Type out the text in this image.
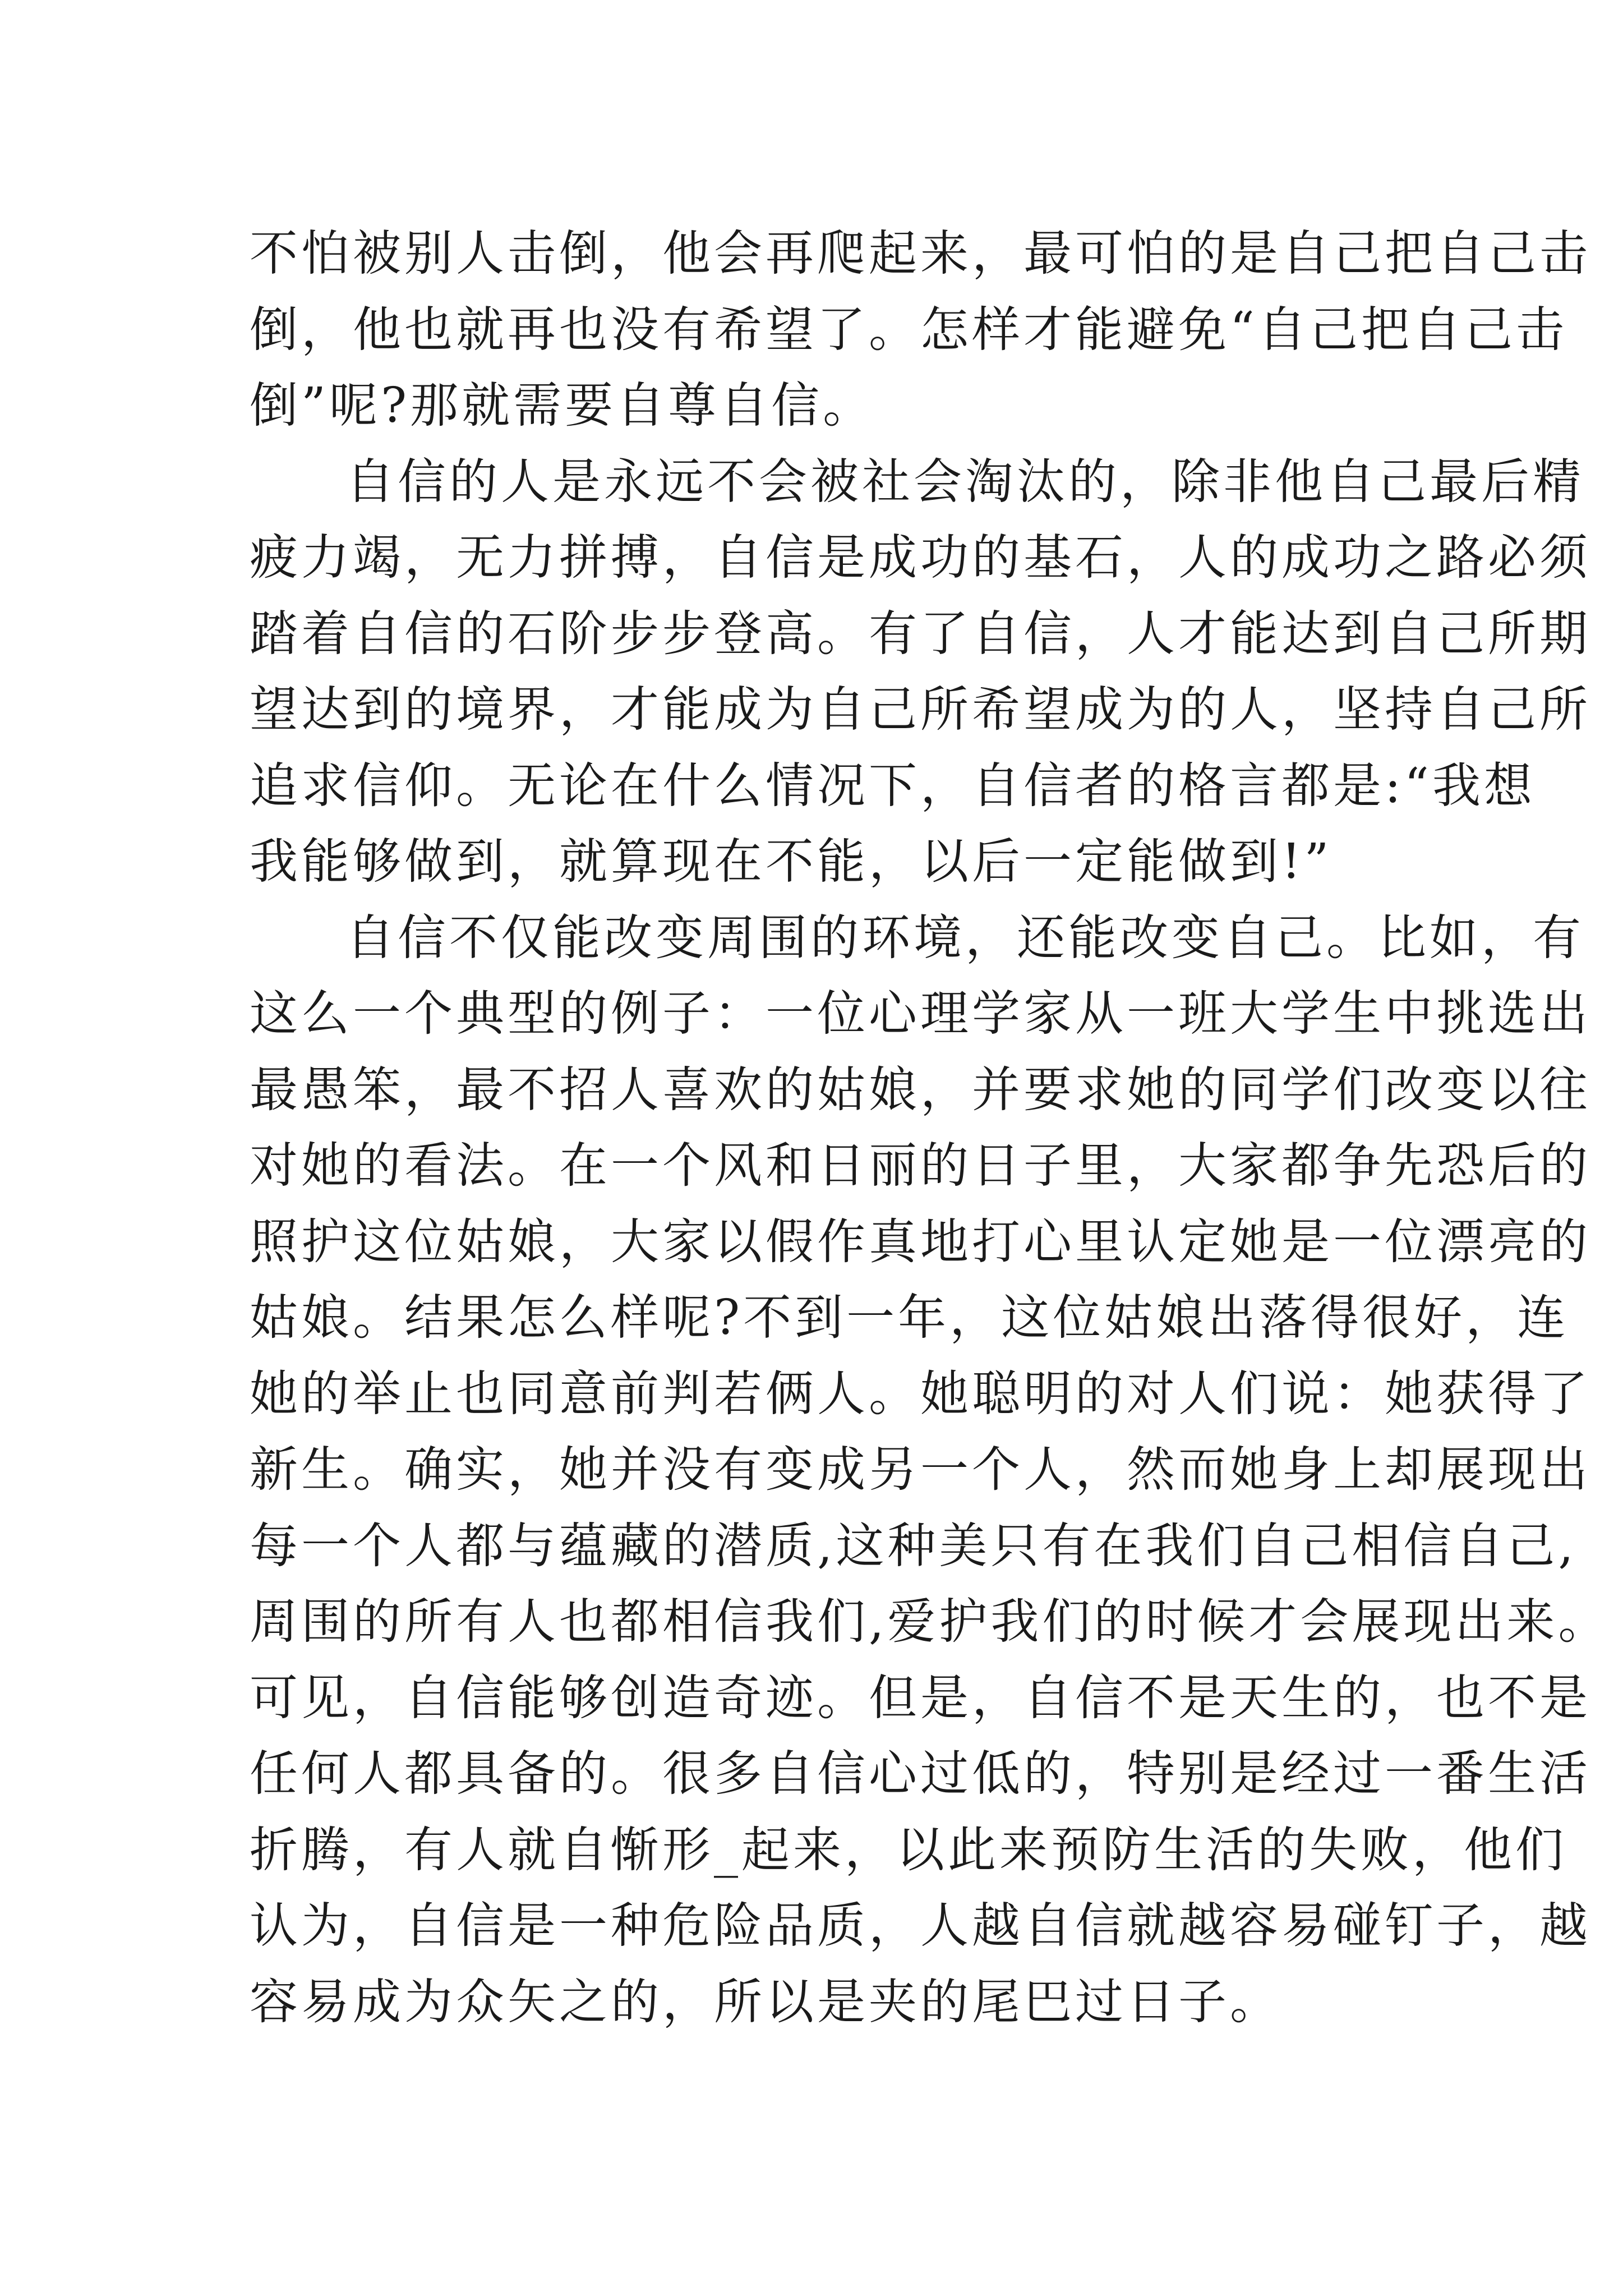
不怕被别人击倒，他会再爬起来，最可怕的是自己把自己击
倒，他也就再也没有希望了。怎样才能避免“自己把自己击
倒”呢?那就需要自尊自信。
自信的人是永远不会被社会淘汰的，除非他自己最后精
疲力竭，无力拼搏，自信是成功的基石，人的成功之路必须
踏着自信的石阶步步登高。有了自信，人才能达到自己所期
望达到的境界，才能成为自己所希望成为的人，坚持自己所
追求信仰。无论在什么情况下，自信者的格言都是:“我想
我能够做到，就算现在不能，以后一定能做到!”
自信不仅能改变周围的环境，还能改变自己。比如，有
这么一个典型的例子：一位心理学家从一班大学生中挑选出
最愚笨，最不招人喜欢的姑娘，并要求她的同学们改变以往
对她的看法。在一个风和日丽的日子里，大家都争先恐后的
照护这位姑娘，大家以假作真地打心里认定她是一位漂亮的
姑娘。结果怎么样呢?不到一年，这位姑娘出落得很好，连
她的举止也同意前判若俩人。她聪明的对人们说：她获得了
新生。确实，她并没有变成另一个人，然而她身上却展现出
每一个人都与蕴藏的潜质,这种美只有在我们自己相信自己,
周围的所有人也都相信我们,爱护我们的时候才会展现出来。
可见，自信能够创造奇迹。但是，自信不是天生的，也不是
任何人都具备的。很多自信心过低的，特别是经过一番生活
折腾，有人就自惭形_起来，以此来预防生活的失败，他们
认为，自信是一种危险品质，人越自信就越容易碰钉子，越
容易成为众矢之的，所以是夹的尾巴过日子。
